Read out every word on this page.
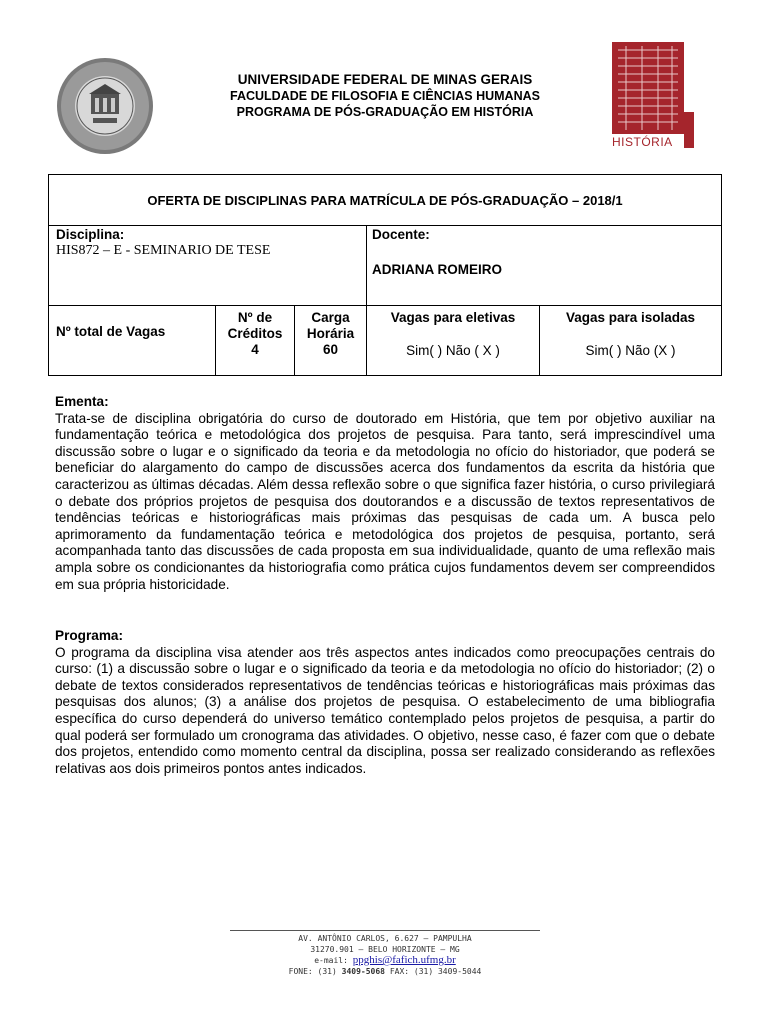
UNIVERSIDADE FEDERAL DE MINAS GERAIS
FACULDADE DE FILOSOFIA E CIÊNCIAS HUMANAS
PROGRAMA DE PÓS-GRADUAÇÃO EM HISTÓRIA
HISTÓRIA
OFERTA DE DISCIPLINAS PARA MATRÍCULA DE PÓS-GRADUAÇÃO – 2018/1
Disciplina:
HIS872 – E - SEMINARIO DE TESE
Docente:
ADRIANA ROMEIRO
Nº total de Vagas
Nº de
Créditos
4
Carga
Horária
60
Vagas para eletivas
Sim( ) Não ( X )
Vagas para isoladas
Sim( ) Não (X )
Ementa:
Trata-se de disciplina obrigatória do curso de doutorado em História, que tem por objetivo auxiliar na fundamentação teórica e metodológica dos projetos de pesquisa. Para tanto, será imprescindível uma discussão sobre o lugar e o significado da teoria e da metodologia no ofício do historiador, que poderá se beneficiar do alargamento do campo de discussões acerca dos fundamentos da escrita da história que caracterizou as últimas décadas. Além dessa reflexão sobre o que significa fazer história, o curso privilegiará o debate dos próprios projetos de pesquisa dos doutorandos e a discussão de textos representativos de tendências teóricas e historiográficas mais próximas das pesquisas de cada um. A busca pelo aprimoramento da fundamentação teórica e metodológica dos projetos de pesquisa, portanto, será acompanhada tanto das discussões de cada proposta em sua individualidade, quanto de uma reflexão mais ampla sobre os condicionantes da historiografia como prática cujos fundamentos devem ser compreendidos em sua própria historicidade.
Programa:
O programa da disciplina visa atender aos três aspectos antes indicados como preocupações centrais do curso: (1) a discussão sobre o lugar e o significado da teoria e da metodologia no ofício do historiador; (2) o debate de textos considerados representativos de tendências teóricas e historiográficas mais próximas das pesquisas dos alunos; (3) a análise dos projetos de pesquisa. O estabelecimento de uma bibliografia específica do curso dependerá do universo temático contemplado pelos projetos de pesquisa, a partir do qual poderá ser formulado um cronograma das atividades. O objetivo, nesse caso, é fazer com que o debate dos projetos, entendido como momento central da disciplina, possa ser realizado considerando as reflexões relativas aos dois primeiros pontos antes indicados.
AV. ANTÔNIO CARLOS, 6.627 – PAMPULHA
31270.901 – BELO HORIZONTE – MG
e-mail: ppghis@fafich.ufmg.br
FONE: (31) 3409-5068 FAX: (31) 3409-5044
